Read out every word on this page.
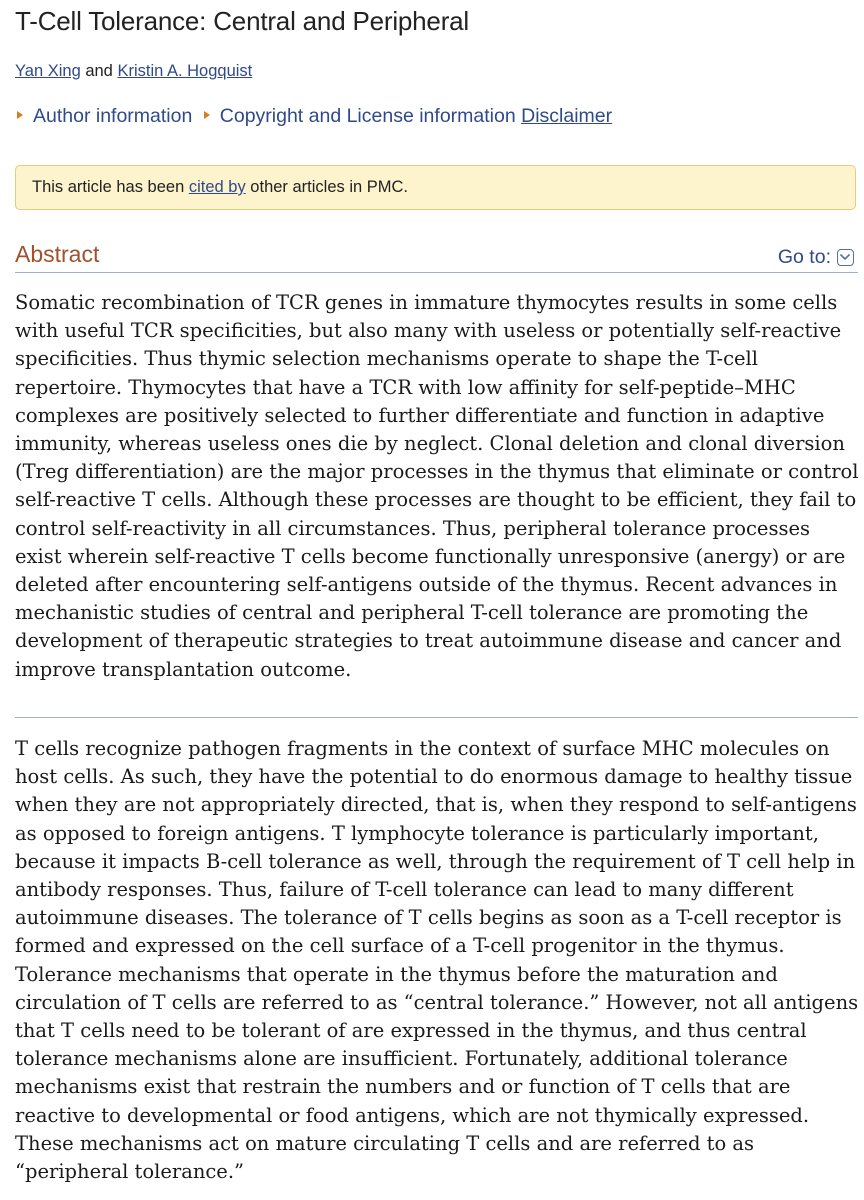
T-Cell Tolerance: Central and Peripheral
Yan Xing and Kristin A. Hogquist
Author information Copyright and License information Disclaimer
This article has been cited by other articles in PMC.
Abstract	Go to:

Somatic recombination of TCR genes in immature thymocytes results in some cells with useful TCR specificities, but also many with useless or potentially self-reactive specificities. Thus thymic selection mechanisms operate to shape the T-cell repertoire. Thymocytes that have a TCR with low affinity for self-peptide–MHC complexes are positively selected to further differentiate and function in adaptive immunity, whereas useless ones die by neglect. Clonal deletion and clonal diversion (Treg differentiation) are the major processes in the thymus that eliminate or control self-reactive T cells. Although these processes are thought to be efficient, they fail to control self-reactivity in all circumstances. Thus, peripheral tolerance processes exist wherein self-reactive T cells become functionally unresponsive (anergy) or are deleted after encountering self-antigens outside of the thymus. Recent advances in mechanistic studies of central and peripheral T-cell tolerance are promoting the development of therapeutic strategies to treat autoimmune disease and cancer and improve transplantation outcome.

T cells recognize pathogen fragments in the context of surface MHC molecules on host cells. As such, they have the potential to do enormous damage to healthy tissue when they are not appropriately directed, that is, when they respond to self-antigens as opposed to foreign antigens. T lymphocyte tolerance is particularly important, because it impacts B-cell tolerance as well, through the requirement of T cell help in antibody responses. Thus, failure of T-cell tolerance can lead to many different autoimmune diseases. The tolerance of T cells begins as soon as a T-cell receptor is formed and expressed on the cell surface of a T-cell progenitor in the thymus. Tolerance mechanisms that operate in the thymus before the maturation and circulation of T cells are referred to as “central tolerance.” However, not all antigens that T cells need to be tolerant of are expressed in the thymus, and thus central tolerance mechanisms alone are insufficient. Fortunately, additional tolerance mechanisms exist that restrain the numbers and or function of T cells that are reactive to developmental or food antigens, which are not thymically expressed. These mechanisms act on mature circulating T cells and are referred to as “peripheral tolerance.”
